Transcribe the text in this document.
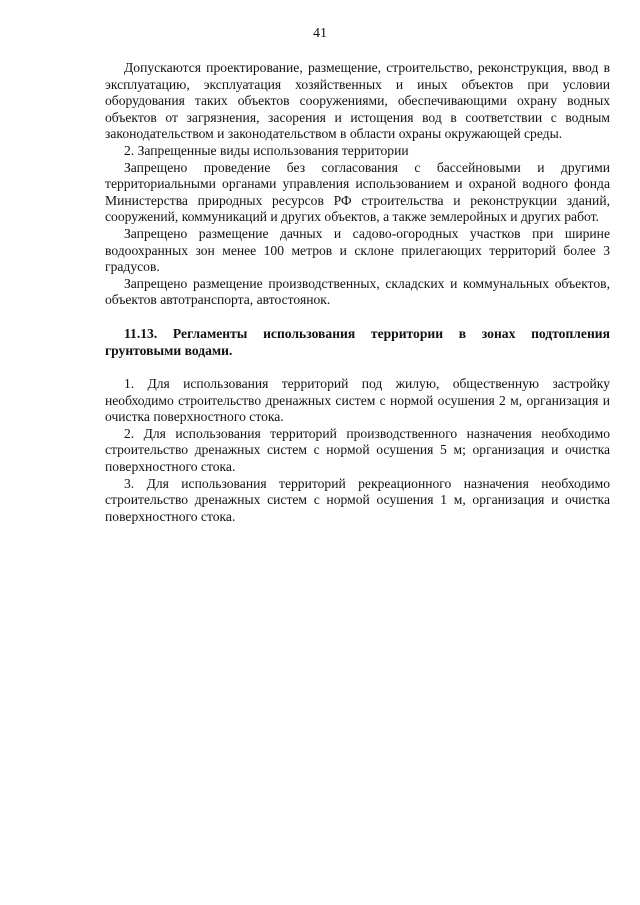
41

Допускаются проектирование, размещение, строительство, реконструкция, ввод в эксплуатацию, эксплуатация хозяйственных и иных объектов при условии оборудования таких объектов сооружениями, обеспечивающими охрану водных объектов от загрязнения, засорения и истощения вод в соответствии с водным законодательством и законодательством в области охраны окружающей среды.

2. Запрещенные виды использования территории

Запрещено проведение без согласования с бассейновыми и другими территориальными органами управления использованием и охраной водного фонда Министерства природных ресурсов РФ строительства и реконструкции зданий, сооружений, коммуникаций и других объектов, а также землеройных и других работ.

Запрещено размещение дачных и садово-огородных участков при ширине водоохранных зон менее 100 метров и склоне прилегающих территорий более 3 градусов.

Запрещено размещение производственных, складских и коммунальных объектов, объектов автотранспорта, автостоянок.

11.13. Регламенты использования территории в зонах подтопления грунтовыми водами.

1. Для использования территорий под жилую, общественную застройку необходимо строительство дренажных систем с нормой осушения 2 м, организация и очистка поверхностного стока.

2. Для использования территорий производственного назначения необходимо строительство дренажных систем с нормой осушения 5 м; организация и очистка поверхностного стока.

3. Для использования территорий рекреационного назначения необходимо строительство дренажных систем с нормой осушения 1 м, организация и очистка поверхностного стока.
